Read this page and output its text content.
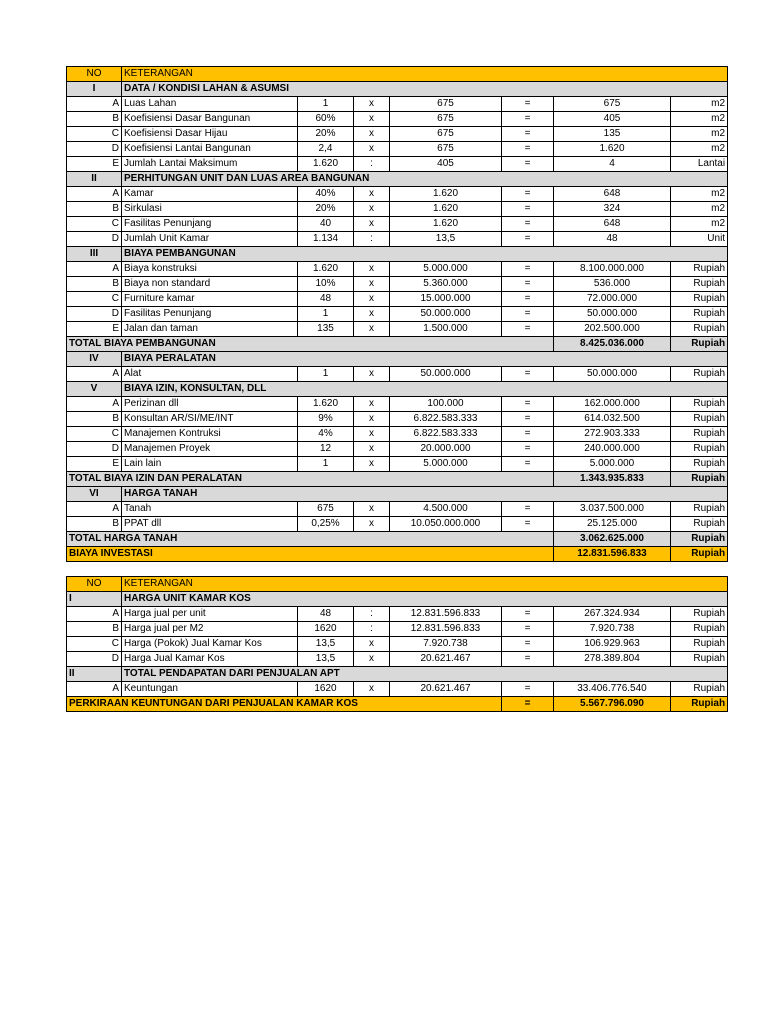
NO	KETERANGAN						
I	DATA / KONDISI LAHAN & ASUMSI						
A	Luas Lahan	1	x	675	=	675	m2
B	Koefisiensi Dasar Bangunan	60%	x	675	=	405	m2
C	Koefisiensi Dasar Hijau	20%	x	675	=	135	m2
D	Koefisiensi Lantai Bangunan	2,4	x	675	=	1.620	m2
E	Jumlah Lantai Maksimum	1.620	:	405	=	4	Lantai
II	PERHITUNGAN UNIT DAN LUAS AREA BANGUNAN						
A	Kamar	40%	x	1.620	=	648	m2
B	Sirkulasi	20%	x	1.620	=	324	m2
C	Fasilitas Penunjang	40	x	1.620	=	648	m2
D	Jumlah Unit Kamar	1.134	:	13,5	=	48	Unit
III	BIAYA PEMBANGUNAN						
A	Biaya konstruksi	1.620	x	5.000.000	=	8.100.000.000	Rupiah
B	Biaya non standard	10%	x	5.360.000	=	536.000	Rupiah
C	Furniture kamar	48	x	15.000.000	=	72.000.000	Rupiah
D	Fasilitas Penunjang	1	x	50.000.000	=	50.000.000	Rupiah
E	Jalan dan taman	135	x	1.500.000	=	202.500.000	Rupiah
TOTAL BIAYA PEMBANGUNAN						8.425.036.000	Rupiah
IV	BIAYA PERALATAN						
A	Alat	1	x	50.000.000	=	50.000.000	Rupiah
V	BIAYA IZIN, KONSULTAN, DLL						
A	Perizinan dll	1.620	x	100.000	=	162.000.000	Rupiah
B	Konsultan AR/SI/ME/INT	9%	x	6.822.583.333	=	614.032.500	Rupiah
C	Manajemen Kontruksi	4%	x	6.822.583.333	=	272.903.333	Rupiah
D	Manajemen Proyek	12	x	20.000.000	=	240.000.000	Rupiah
E	Lain lain	1	x	5.000.000	=	5.000.000	Rupiah
TOTAL BIAYA IZIN DAN PERALATAN						1.343.935.833	Rupiah
VI	HARGA TANAH						
A	Tanah	675	x	4.500.000	=	3.037.500.000	Rupiah
B	PPAT dll	0,25%	x	10.050.000.000	=	25.125.000	Rupiah
TOTAL HARGA TANAH						3.062.625.000	Rupiah
BIAYA INVESTASI						12.831.596.833	Rupiah
NO	KETERANGAN						
I	HARGA UNIT KAMAR KOS						
A	Harga jual per unit	48	:	12.831.596.833	=	267.324.934	Rupiah
B	Harga jual per M2	1620	:	12.831.596.833	=	7.920.738	Rupiah
C	Harga (Pokok) Jual Kamar Kos	13,5	x	7.920.738	=	106.929.963	Rupiah
D	Harga Jual Kamar Kos	13,5	x	20.621.467	=	278.389.804	Rupiah
II	TOTAL PENDAPATAN DARI PENJUALAN APT						
A	Keuntungan	1620	x	20.621.467	=	33.406.776.540	Rupiah
PERKIRAAN KEUNTUNGAN DARI PENJUALAN KAMAR KOS					=	5.567.796.090	Rupiah
